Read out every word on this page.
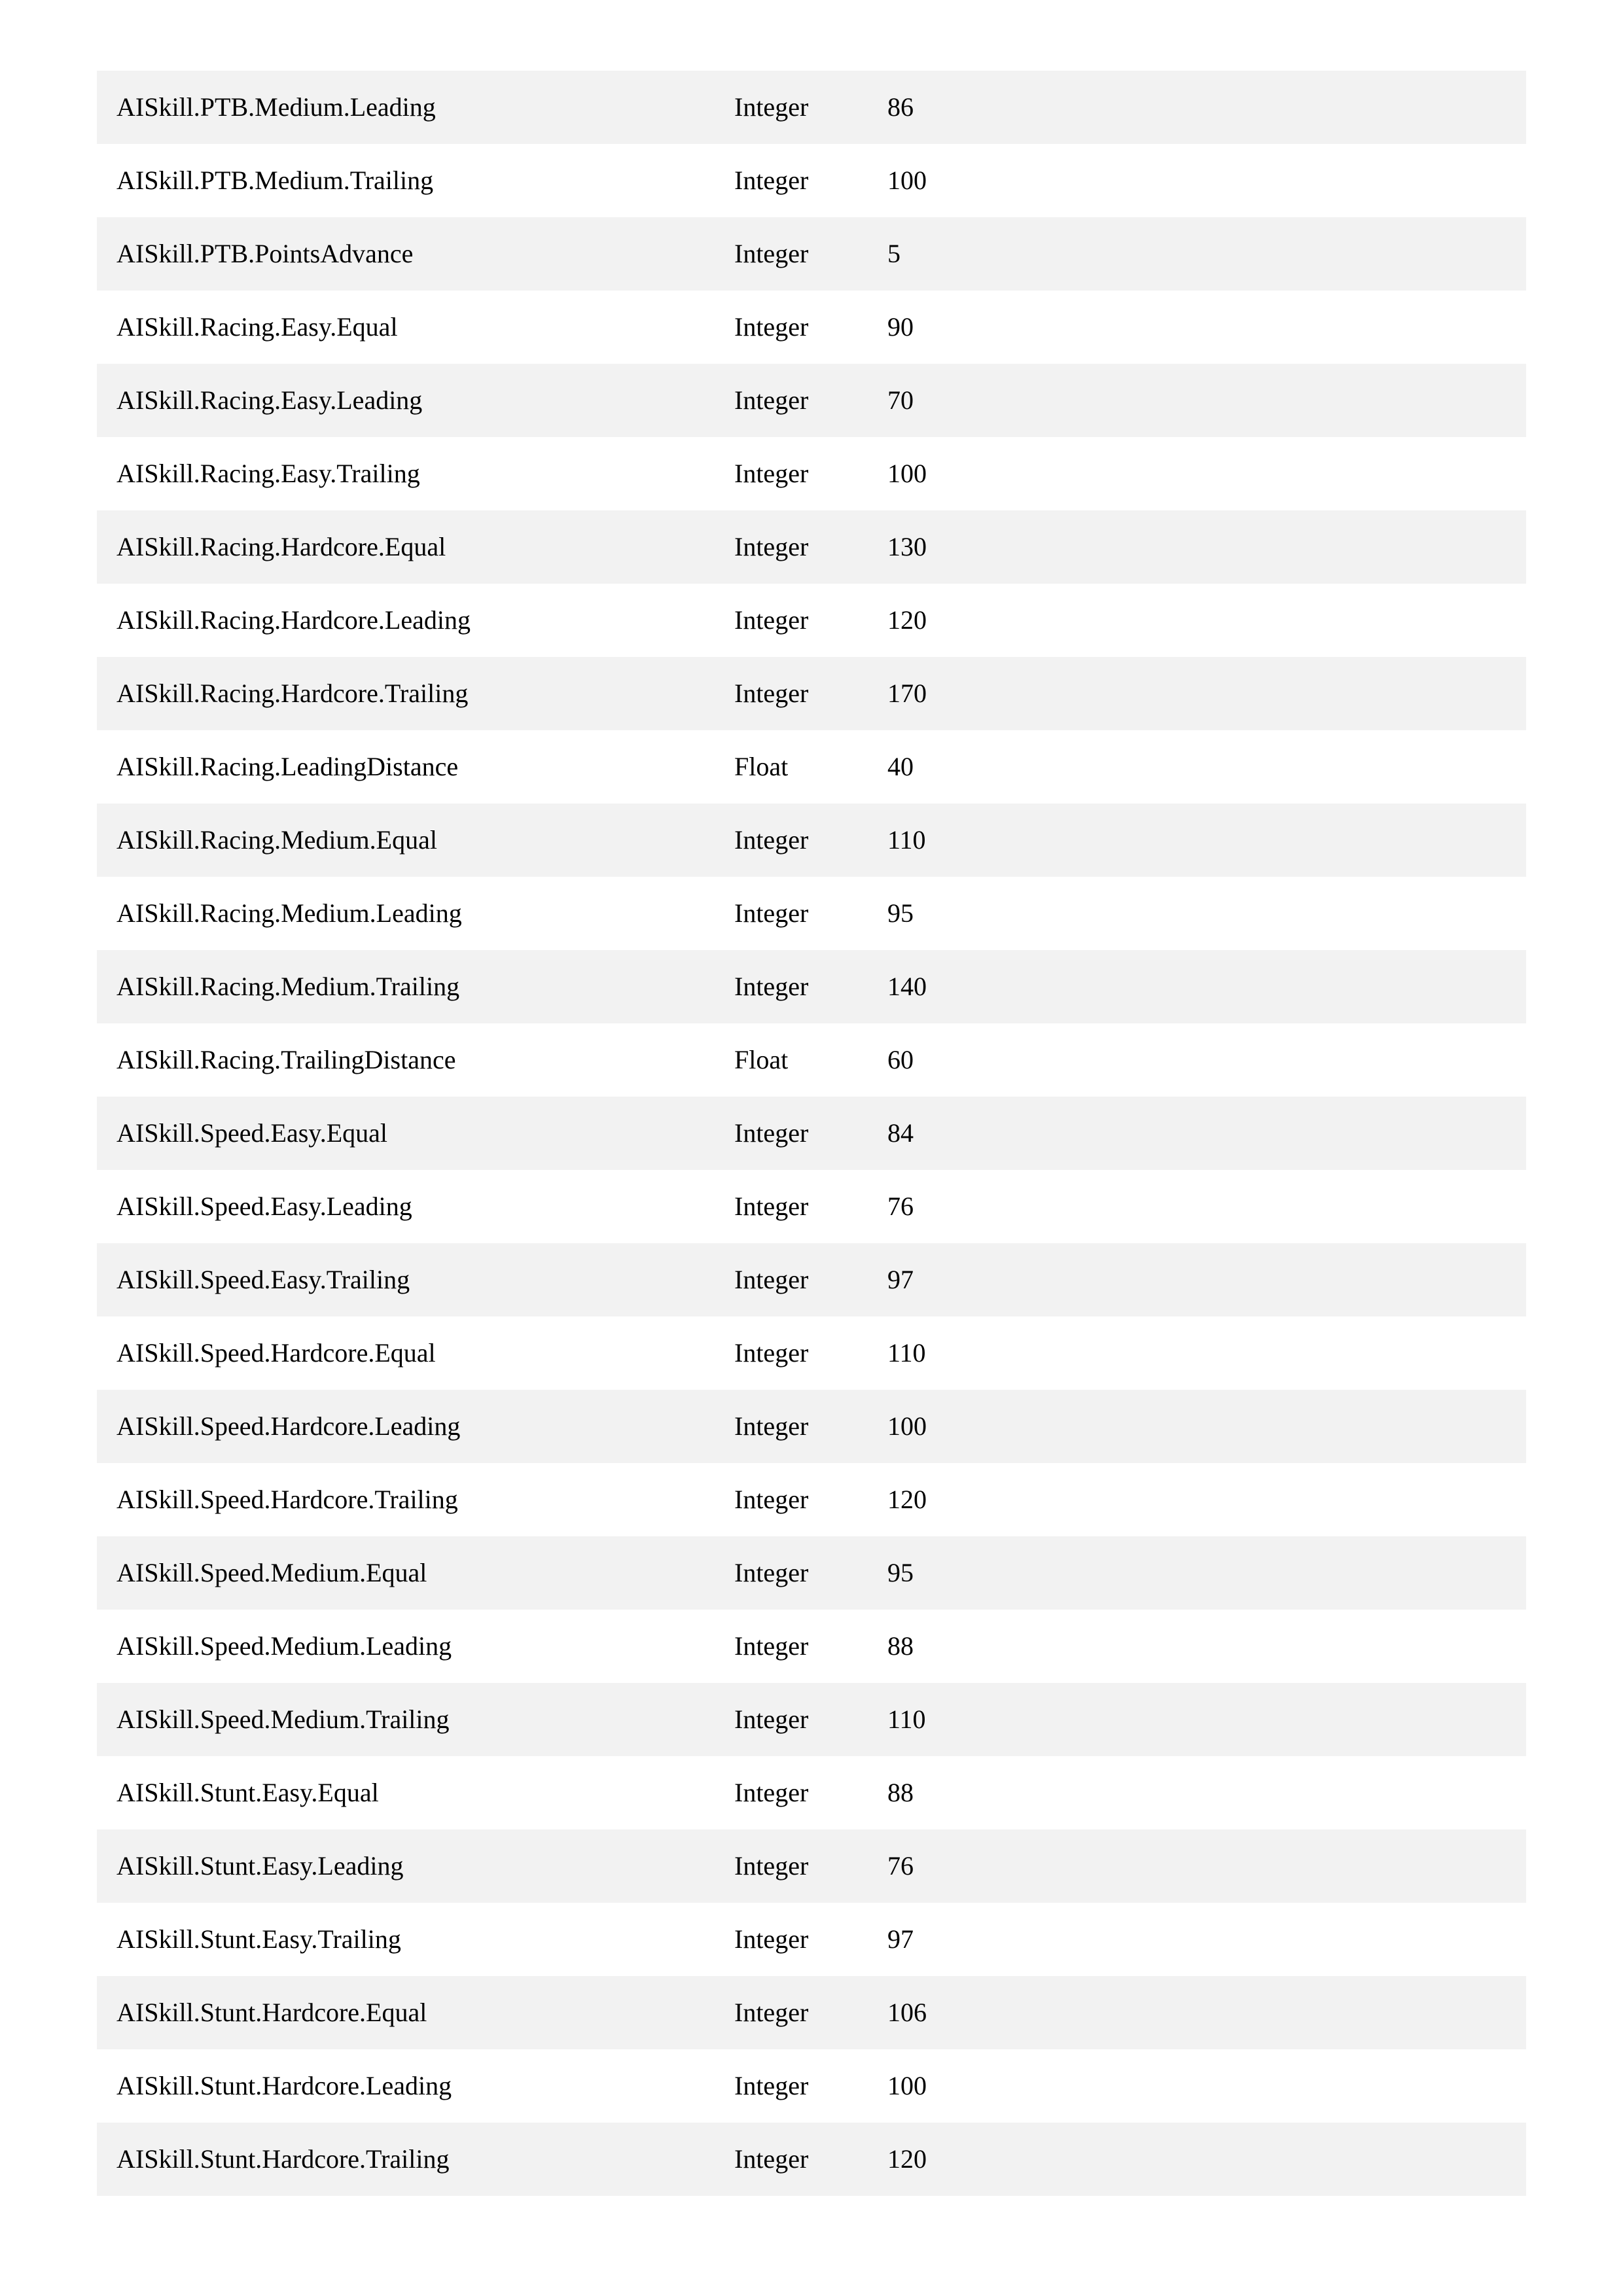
AISkill.PTB.Medium.Leading	Integer	86
AISkill.PTB.Medium.Trailing	Integer	100
AISkill.PTB.PointsAdvance	Integer	5
AISkill.Racing.Easy.Equal	Integer	90
AISkill.Racing.Easy.Leading	Integer	70
AISkill.Racing.Easy.Trailing	Integer	100
AISkill.Racing.Hardcore.Equal	Integer	130
AISkill.Racing.Hardcore.Leading	Integer	120
AISkill.Racing.Hardcore.Trailing	Integer	170
AISkill.Racing.LeadingDistance	Float	40
AISkill.Racing.Medium.Equal	Integer	110
AISkill.Racing.Medium.Leading	Integer	95
AISkill.Racing.Medium.Trailing	Integer	140
AISkill.Racing.TrailingDistance	Float	60
AISkill.Speed.Easy.Equal	Integer	84
AISkill.Speed.Easy.Leading	Integer	76
AISkill.Speed.Easy.Trailing	Integer	97
AISkill.Speed.Hardcore.Equal	Integer	110
AISkill.Speed.Hardcore.Leading	Integer	100
AISkill.Speed.Hardcore.Trailing	Integer	120
AISkill.Speed.Medium.Equal	Integer	95
AISkill.Speed.Medium.Leading	Integer	88
AISkill.Speed.Medium.Trailing	Integer	110
AISkill.Stunt.Easy.Equal	Integer	88
AISkill.Stunt.Easy.Leading	Integer	76
AISkill.Stunt.Easy.Trailing	Integer	97
AISkill.Stunt.Hardcore.Equal	Integer	106
AISkill.Stunt.Hardcore.Leading	Integer	100
AISkill.Stunt.Hardcore.Trailing	Integer	120
